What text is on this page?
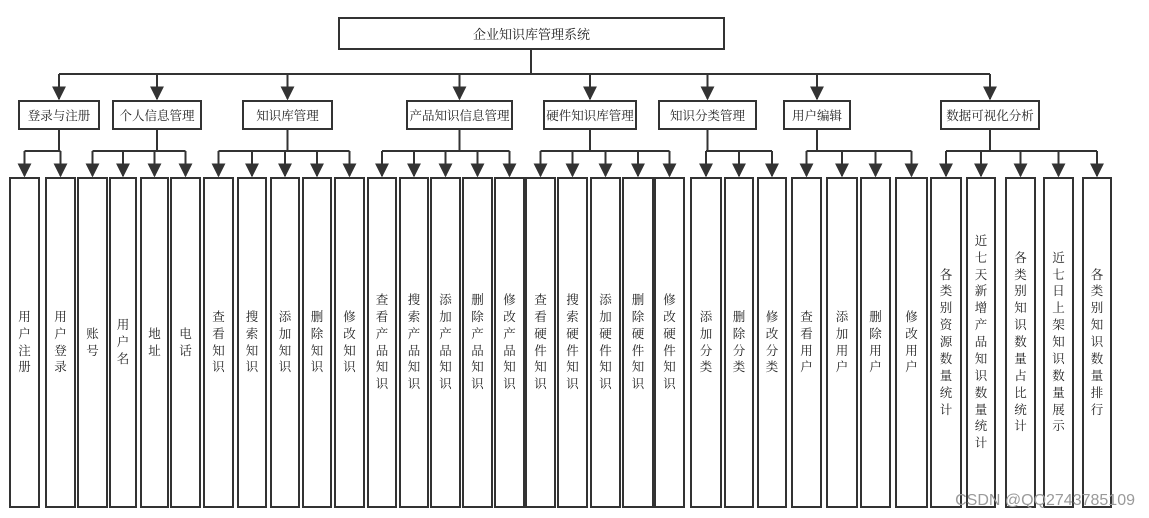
企业知识库管理系统
登录与注册
用户注册
用户登录
个人信息管理
账号
用户名
地址
电话
知识库管理
查看知识
搜索知识
添加知识
删除知识
修改知识
产品知识信息管理
查看产品知识
搜索产品知识
添加产品知识
删除产品知识
修改产品知识
硬件知识库管理
查看硬件知识
搜索硬件知识
添加硬件知识
删除硬件知识
修改硬件知识
知识分类管理
添加分类
删除分类
修改分类
用户编辑
查看用户
添加用户
删除用户
修改用户
数据可视化分析
各类别资源数量统计
近七天新增产品知识数量统计
各类别知识数量占比统计
近七日上架知识数量展示
各类别知识数量排行
CSDN @QQ2743785109
